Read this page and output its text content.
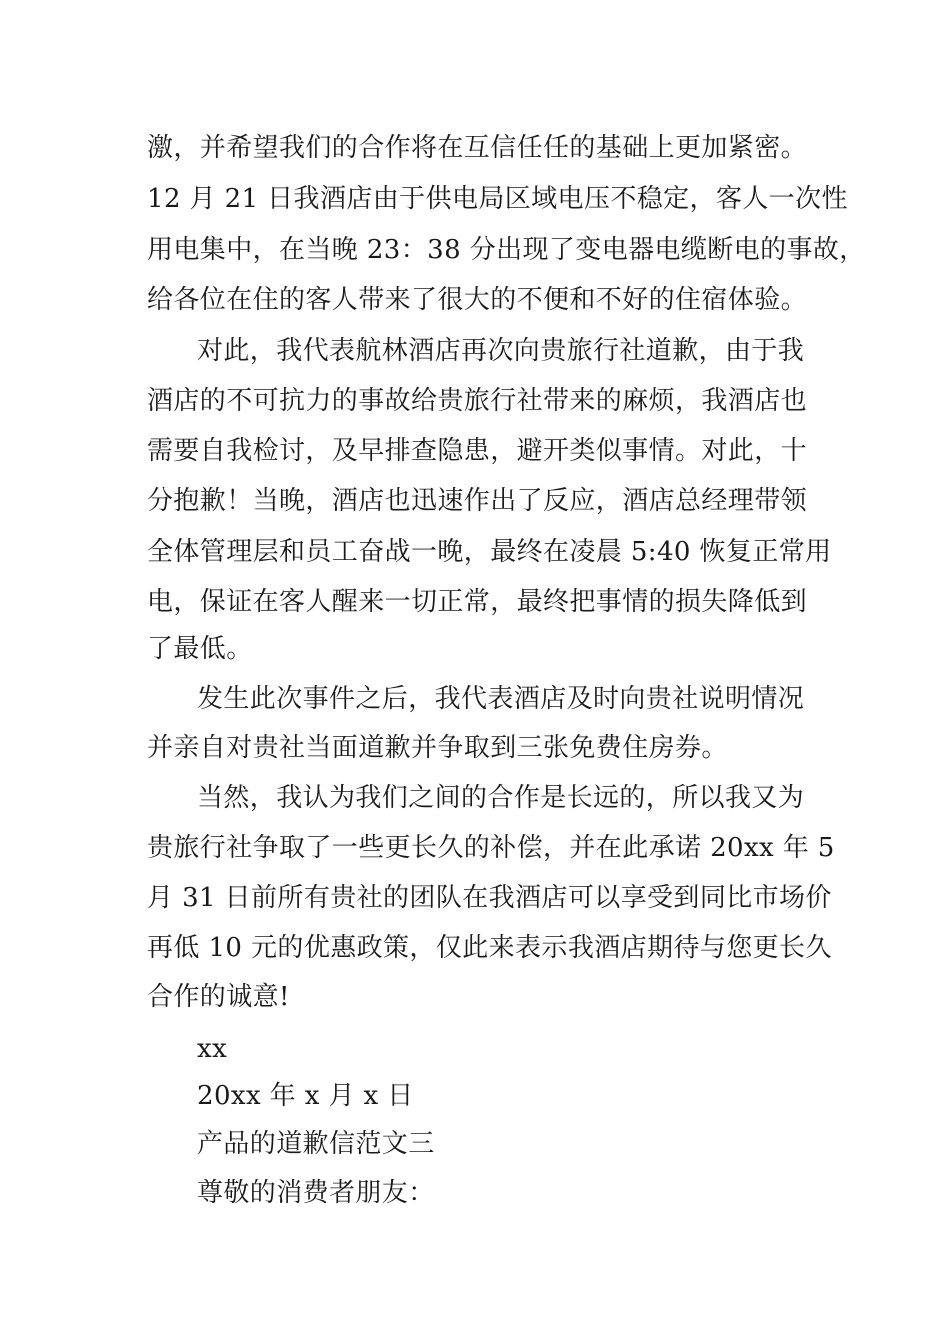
激，并希望我们的合作将在互信任任的基础上更加紧密。
12 月 21 日我酒店由于供电局区域电压不稳定，客人一次性
用电集中，在当晚 23：38 分出现了变电器电缆断电的事故，
给各位在住的客人带来了很大的不便和不好的住宿体验。
对此，我代表航林酒店再次向贵旅行社道歉，由于我
酒店的不可抗力的事故给贵旅行社带来的麻烦，我酒店也
需要自我检讨，及早排查隐患，避开类似事情。对此，十
分抱歉！当晚，酒店也迅速作出了反应，酒店总经理带领
全体管理层和员工奋战一晚，最终在凌晨 5:40 恢复正常用
电，保证在客人醒来一切正常，最终把事情的损失降低到
了最低。
发生此次事件之后，我代表酒店及时向贵社说明情况
并亲自对贵社当面道歉并争取到三张免费住房券。
当然，我认为我们之间的合作是长远的，所以我又为
贵旅行社争取了一些更长久的补偿，并在此承诺 20xx 年 5
月 31 日前所有贵社的团队在我酒店可以享受到同比市场价
再低 10 元的优惠政策，仅此来表示我酒店期待与您更长久
合作的诚意!
xx
20xx 年 x 月 x 日
产品的道歉信范文三
尊敬的消费者朋友：
